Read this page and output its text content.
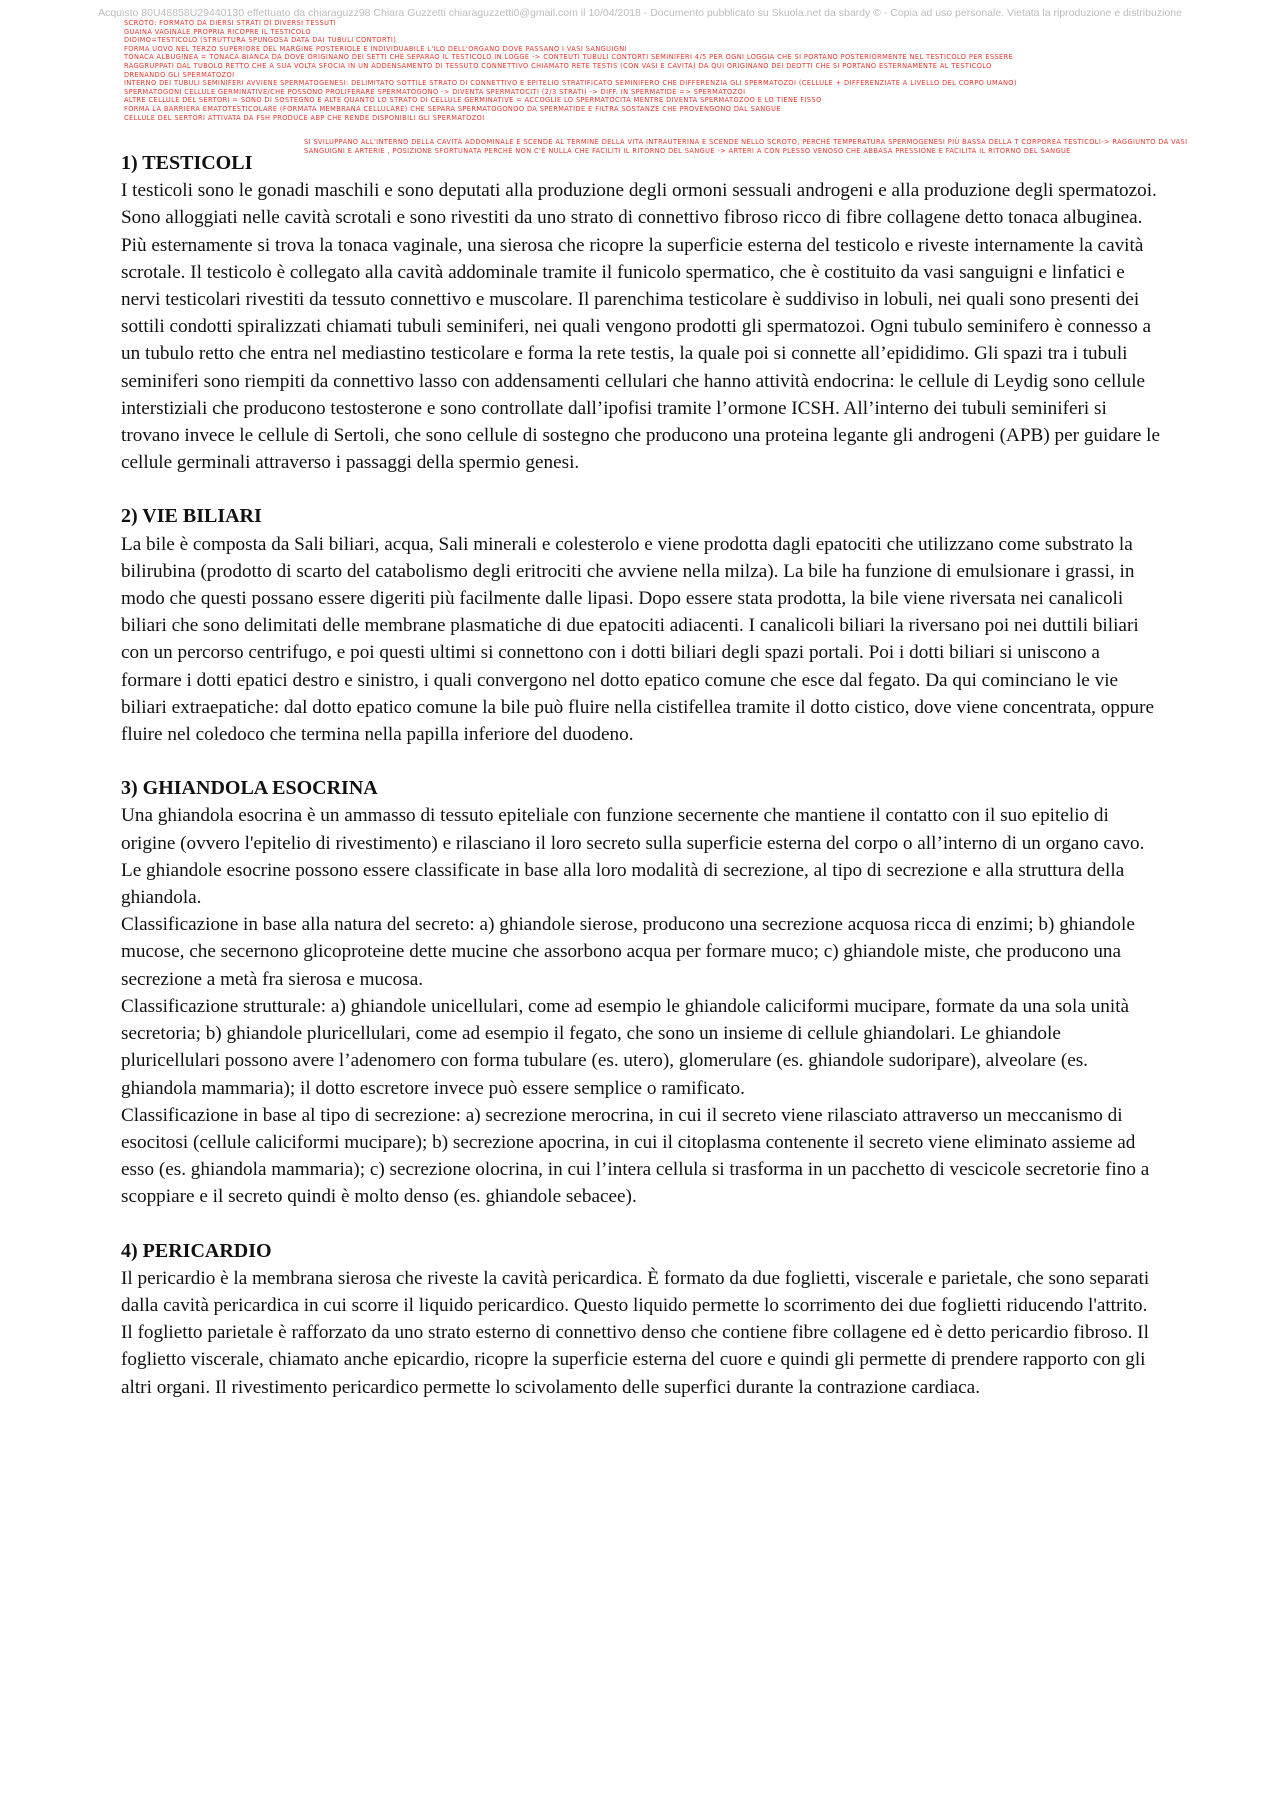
Acquisto 80U48858U29440130 effettuato da chiaraguzz98 Chiara Guzzetti chiaraguzzetti0@gmail.com il 10/04/2018 - Documento pubblicato su Skuola.net da sbardy © - Copia ad uso personale. Vietata la riproduzione e distribuzione
SCROTO: FORMATO DA DIERSI STRATI DI DIVERSI TESSUTI
GUAINA VAGINALE PROPRIA RICOPRE IL TESTICOLO
DIDIMO=TESTICOLO (STRUTTURA SPUNGOSA DATA DAI TUBULI CONTORTI)
FORMA UOVO NEL TERZO SUPERIORE DEL MARGINE POSTERIOLE È INDIVIDUABILE L'ILO DELL'ORGANO DOVE PASSANO I VASI SANGUIGNI
TONACA ALBUGINEA = TONACA BIANCA DA DOVE ORIGINANO DEI SETTI CHE SEPARAO IL TESTICOLO IN LOGGE -> CONTEUTI TUBULI CONTORTI SEMINIFERI 4/5 PER OGNI LOGGIA CHE SI PORTANO POSTERIORMENTE NEL TESTICOLO PER ESSERE
RAGGRUPPATI DAL TUBOLO RETTO CHE A SUA VOLTA SFOCIA IN UN ADDENSAMENTO DI TESSUTO CONNETTIVO CHIAMATO RETE TESTIS (CON VASI E CAVITÀ) DA QUI ORIGINANO DEI DEOTTI CHE SI PORTANO ESTERNAMENTE AL TESTICOLO
DRENANDO GLI SPERMATOZOI
INTERNO DEI TUBULI SEMINIFERI AVVIENE SPERMATOGENESI: DELIMITATO SOTTILE STRATO DI CONNETTIVO E EPITELIO STRATIFICATO SEMINIFERO CHE DIFFERENZIA GLI SPERMATOZOI (CELLULE + DIFFERENZIATE A LIVELLO DEL CORPO UMANO)
SPERMATOGONI CELLULE GERMINATIVE/CHE POSSONO PROLIFERARE SPERMATOGONO -> DIVENTA SPERMATOCITI (2/3 STRATI) -> DIFF. IN SPERMATIDE => SPERMATOZOI
ALTRE CELLULE DEL SERTORI = SONO DI SOSTEGNO E ALTE QUANTO LO STRATO DI CELLULE GERMINATIVE = ACCOGLIE LO SPERMATOCITA MENTRE DIVENTA SPERMATOZOO E LO TIENE FISSO
FORMA LA BARRIERA EMATOTESTICOLARE (FORMATA MEMBRANA CELLULARE) CHE SEPARA SPERMATOGONOO DA SPERMATIDE E FILTRA SOSTANZE CHE PROVENGONO DAL SANGUE
CELLULE DEL SERTORI ATTIVATA DA FSH PRODUCE ABP CHE RENDE DISPONIBILI GLI SPERMATOZOI
SI SVILUPPANO ALL'INTERNO DELLA CAVITÀ ADDOMINALE E SCENDE AL TERMINE DELLA VITA INTRAUTERINA E SCENDE NELLO SCROTO, PERCHÉ TEMPERATURA SPERMOGENESI PIÙ BASSA DELLA T CORPOREA TESTICOLI-> RAGGIUNTO DA VASI SANGUIGNI E ARTERIE , POSIZIONE SFORTUNATA PERCHÉ NON C'È NULLA CHE FACILITI IL RITORNO DEL SANGUE -> ARTERI A CON PLESSO VENOSO CHE ABBASA PRESSIONE E FACILITA IL RITORNO DEL SANGUE
1) TESTICOLI

I testicoli sono le gonadi maschili e sono deputati alla produzione degli ormoni sessuali androgeni e alla produzione degli spermatozoi. Sono alloggiati nelle cavità scrotali e sono rivestiti da uno strato di connettivo fibroso ricco di fibre collagene detto tonaca albuginea. Più esternamente si trova la tonaca vaginale, una sierosa che ricopre la superficie esterna del testicolo e riveste internamente la cavità scrotale. Il testicolo è collegato alla cavità addominale tramite il funicolo spermatico, che è costituito da vasi sanguigni e linfatici e nervi testicolari rivestiti da tessuto connettivo e muscolare. Il parenchima testicolare è suddiviso in lobuli, nei quali sono presenti dei sottili condotti spiralizzati chiamati tubuli seminiferi, nei quali vengono prodotti gli spermatozoi. Ogni tubulo seminifero è connesso a un tubulo retto che entra nel mediastino testicolare e forma la rete testis, la quale poi si connette all’epididimo. Gli spazi tra i tubuli seminiferi sono riempiti da connettivo lasso con addensamenti cellulari che hanno attività endocrina: le cellule di Leydig sono cellule interstiziali che producono testosterone e sono controllate dall’ipofisi tramite l’ormone ICSH. All’interno dei tubuli seminiferi si trovano invece le cellule di Sertoli, che sono cellule di sostegno che producono una proteina legante gli androgeni (APB) per guidare le cellule germinali attraverso i passaggi della spermio genesi.

2) VIE BILIARI

La bile è composta da Sali biliari, acqua, Sali minerali e colesterolo e viene prodotta dagli epatociti che utilizzano come substrato la bilirubina (prodotto di scarto del catabolismo degli eritrociti che avviene nella milza). La bile ha funzione di emulsionare i grassi, in modo che questi possano essere digeriti più facilmente dalle lipasi. Dopo essere stata prodotta, la bile viene riversata nei canalicoli biliari che sono delimitati delle membrane plasmatiche di due epatociti adiacenti. I canalicoli biliari la riversano poi nei duttili biliari con un percorso centrifugo, e poi questi ultimi si connettono con i dotti biliari degli spazi portali. Poi i dotti biliari si uniscono a formare i dotti epatici destro e sinistro, i quali convergono nel dotto epatico comune che esce dal fegato. Da qui cominciano le vie biliari extraepatiche: dal dotto epatico comune la bile può fluire nella cistifellea tramite il dotto cistico, dove viene concentrata, oppure fluire nel coledoco che termina nella papilla inferiore del duodeno.

3) GHIANDOLA ESOCRINA

Una ghiandola esocrina è un ammasso di tessuto epiteliale con funzione secernente che mantiene il contatto con il suo epitelio di origine (ovvero l'epitelio di rivestimento) e rilasciano il loro secreto sulla superficie esterna del corpo o all’interno di un organo cavo. Le ghiandole esocrine possono essere classificate in base alla loro modalità di secrezione, al tipo di secrezione e alla struttura della ghiandola.

Classificazione in base alla natura del secreto: a) ghiandole sierose, producono una secrezione acquosa ricca di enzimi; b) ghiandole mucose, che secernono glicoproteine dette mucine che assorbono acqua per formare muco; c) ghiandole miste, che producono una secrezione a metà fra sierosa e mucosa.

Classificazione strutturale: a) ghiandole unicellulari, come ad esempio le ghiandole caliciformi mucipare, formate da una sola unità secretoria; b) ghiandole pluricellulari, come ad esempio il fegato, che sono un insieme di cellule ghiandolari. Le ghiandole pluricellulari possono avere l’adenomero con forma tubulare (es. utero), glomerulare (es. ghiandole sudoripare), alveolare (es. ghiandola mammaria); il dotto escretore invece può essere semplice o ramificato.

Classificazione in base al tipo di secrezione: a) secrezione merocrina, in cui il secreto viene rilasciato attraverso un meccanismo di esocitosi (cellule caliciformi mucipare); b) secrezione apocrina, in cui il citoplasma contenente il secreto viene eliminato assieme ad esso (es. ghiandola mammaria); c) secrezione olocrina, in cui l’intera cellula si trasforma in un pacchetto di vescicole secretorie fino a scoppiare e il secreto quindi è molto denso (es. ghiandole sebacee).

4) PERICARDIO

Il pericardio è la membrana sierosa che riveste la cavità pericardica. È formato da due foglietti, viscerale e parietale, che sono separati dalla cavità pericardica in cui scorre il liquido pericardico. Questo liquido permette lo scorrimento dei due foglietti riducendo l'attrito. Il foglietto parietale è rafforzato da uno strato esterno di connettivo denso che contiene fibre collagene ed è detto pericardio fibroso. Il foglietto viscerale, chiamato anche epicardio, ricopre la superficie esterna del cuore e quindi gli permette di prendere rapporto con gli altri organi. Il rivestimento pericardico permette lo scivolamento delle superfici durante la contrazione cardiaca.
